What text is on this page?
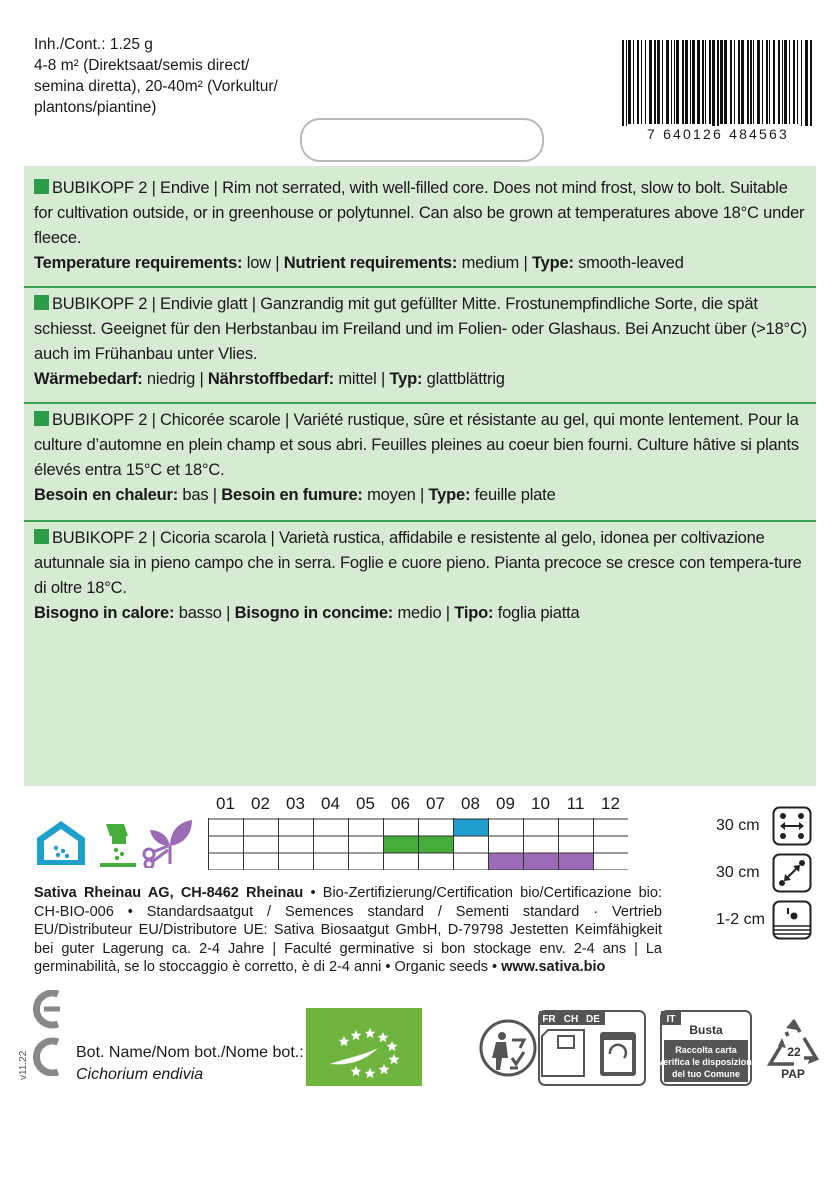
Inh./Cont.: 1.25 g
4-8 m² (Direktsaat/semis direct/
semina diretta), 20-40m² (Vorkultur/
plantons/piantine)
7 640126 484563
BUBIKOPF 2 | Endive | Rim not serrated, with well-filled core. Does not mind frost, slow to bolt. Suitable for cultivation outside, or in greenhouse or polytunnel. Can also be grown at temperatures above 18°C under fleece.
Temperature requirements: low | Nutrient requirements: medium | Type: smooth-leaved
BUBIKOPF 2 | Endivie glatt | Ganzrandig mit gut gefüllter Mitte. Frostunempfindliche Sorte, die spät schiesst. Geeignet für den Herbstanbau im Freiland und im Folien- oder Glashaus. Bei Anzucht über (>18°C) auch im Frühanbau unter Vlies.
Wärmebedarf: niedrig | Nährstoffbedarf: mittel | Typ: glattblättrig
BUBIKOPF 2 | Chicorée scarole | Variété rustique, sûre et résistante au gel, qui monte lentement. Pour la culture d’automne en plein champ et sous abri. Feuilles pleines au coeur bien fourni. Culture hâtive si plants élevés entra 15°C et 18°C.
Besoin en chaleur: bas | Besoin en fumure: moyen | Type: feuille plate
BUBIKOPF 2 | Cicoria scarola | Varietà rustica, affidabile e resistente al gelo, idonea per coltivazione autunnale sia in pieno campo che in serra. Foglie e cuore pieno. Pianta precoce se cresce con tempera-ture di oltre 18°C.
Bisogno in calore: basso | Bisogno in concime: medio | Tipo: foglia piatta
01 02 03 04 05 06 07 08 09 10 11 12
30 cm
30 cm
1-2 cm
Sativa Rheinau AG, CH-8462 Rheinau • Bio-Zertifizierung/Certification bio/Certificazione bio: CH-BIO-006 • Standardsaatgut / Semences standard / Sementi standard · Vertrieb EU/Distributeur EU/Distributore UE: Sativa Biosaatgut GmbH, D-79798 Jestetten Keimfähigkeit bei guter Lagerung ca. 2-4 Jahre | Faculté germinative si bon stockage env. 2-4 ans | La germinabilità, se lo stoccaggio è corretto, è di 2-4 anni • Organic seeds • www.sativa.bio
v11.22	Bot. Name/Nom bot./Nome bot.:
Cichorium endivia
FR CH DE	IT
Busta
Raccolta carta
Verifica le disposizioni
del tuo Comune
22
PAP
